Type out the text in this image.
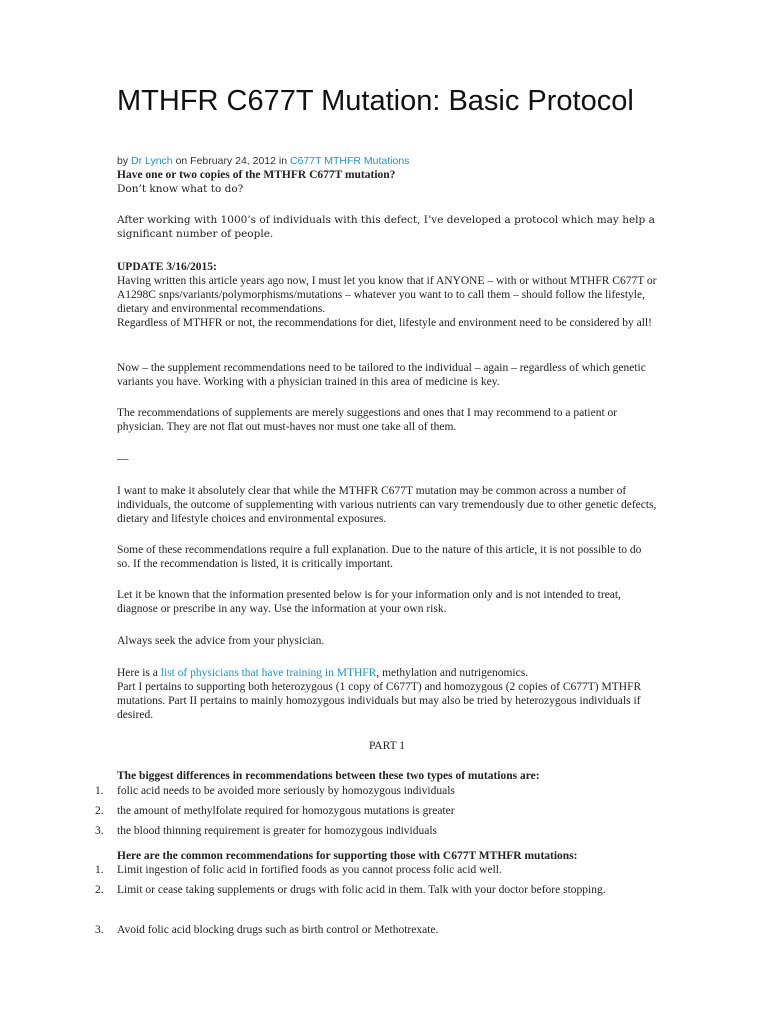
MTHFR C677T Mutation: Basic Protocol
by Dr Lynch on February 24, 2012 in C677T MTHFR Mutations

Have one or two copies of the MTHFR C677T mutation?

Don’t know what to do?

After working with 1000’s of individuals with this defect, I’ve developed a protocol which may help a significant number of people.

UPDATE 3/16/2015:

Having written this article years ago now, I must let you know that if ANYONE – with or without MTHFR C677T or A1298C snps/variants/polymorphisms/mutations – whatever you want to to call them – should follow the lifestyle, dietary and environmental recommendations.

Regardless of MTHFR or not, the recommendations for diet, lifestyle and environment need to be considered by all!

Now – the supplement recommendations need to be tailored to the individual – again – regardless of which genetic variants you have. Working with a physician trained in this area of medicine is key.

The recommendations of supplements are merely suggestions and ones that I may recommend to a patient or physician. They are not flat out must-haves nor must one take all of them.

—

I want to make it absolutely clear that while the MTHFR C677T mutation may be common across a number of individuals, the outcome of supplementing with various nutrients can vary tremendously due to other genetic defects, dietary and lifestyle choices and environmental exposures.

Some of these recommendations require a full explanation. Due to the nature of this article, it is not possible to do so. If the recommendation is listed, it is critically important.

Let it be known that the information presented below is for your information only and is not intended to treat, diagnose or prescribe in any way. Use the information at your own risk.

Always seek the advice from your physician.

Here is a list of physicians that have training in MTHFR, methylation and nutrigenomics.

Part I pertains to supporting both heterozygous (1 copy of C677T) and homozygous (2 copies of C677T) MTHFR mutations. Part II pertains to mainly homozygous individuals but may also be tried by heterozygous individuals if desired.

PART 1

The biggest differences in recommendations between these two types of mutations are:

1. folic acid needs to be avoided more seriously by homozygous individuals
2. the amount of methylfolate required for homozygous mutations is greater
3. the blood thinning requirement is greater for homozygous individuals

Here are the common recommendations for supporting those with C677T MTHFR mutations:

1. Limit ingestion of folic acid in fortified foods as you cannot process folic acid well.
2. Limit or cease taking supplements or drugs with folic acid in them. Talk with your doctor before stopping.
3. Avoid folic acid blocking drugs such as birth control or Methotrexate.
